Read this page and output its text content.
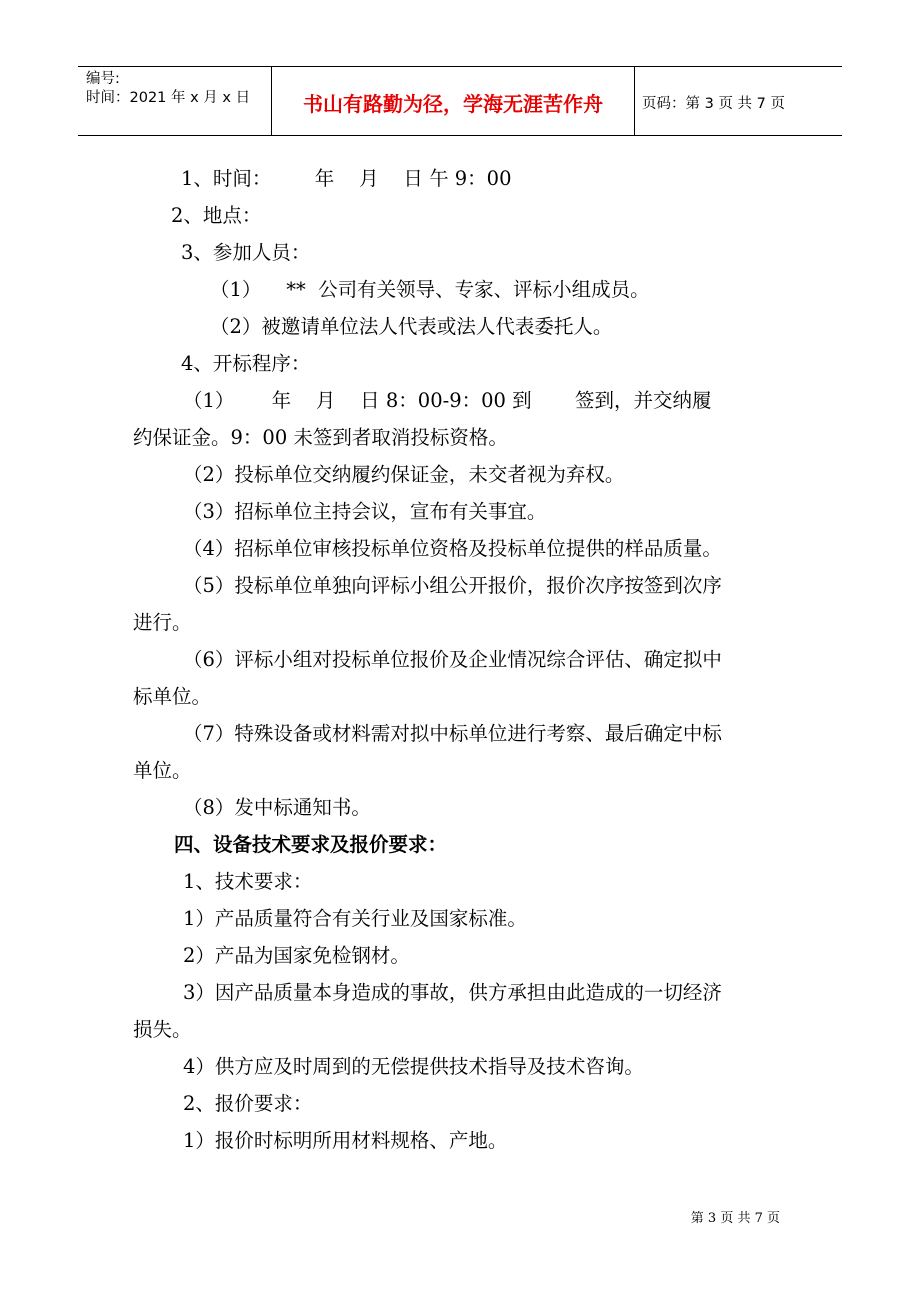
编号:
时间：2021 年 x 月 x 日	书山有路勤为径，学海无涯苦作舟	页码：第 3 页 共 7 页
1、时间：       年    月    日 午 9：00
2、地点：
3、参加人员：
（1）    **  公司有关领导、专家、评标小组成员。
（2）被邀请单位法人代表或法人代表委托人。
4、开标程序：
（1）      年    月    日 8：00-9：00 到       签到，并交纳履
约保证金。9：00 未签到者取消投标资格。
（2）投标单位交纳履约保证金，未交者视为弃权。
（3）招标单位主持会议，宣布有关事宜。
（4）招标单位审核投标单位资格及投标单位提供的样品质量。
（5）投标单位单独向评标小组公开报价，报价次序按签到次序
进行。
（6）评标小组对投标单位报价及企业情况综合评估、确定拟中
标单位。
（7）特殊设备或材料需对拟中标单位进行考察、最后确定中标
单位。
（8）发中标通知书。
四、设备技术要求及报价要求：
1、技术要求：
1）产品质量符合有关行业及国家标准。
2）产品为国家免检钢材。
3）因产品质量本身造成的事故，供方承担由此造成的一切经济
损失。
4）供方应及时周到的无偿提供技术指导及技术咨询。
2、报价要求：
1）报价时标明所用材料规格、产地。
第 3 页 共 7 页
